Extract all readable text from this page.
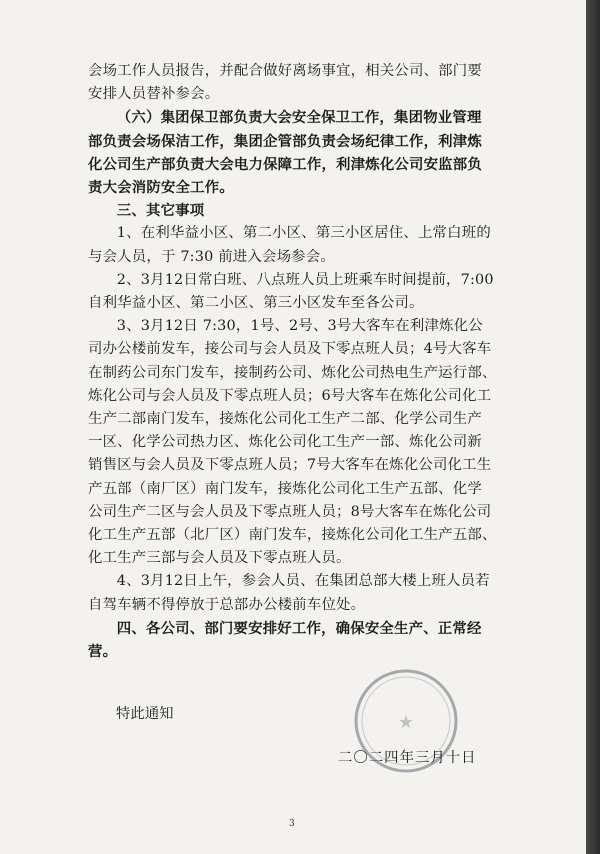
会场工作人员报告，并配合做好离场事宜，相关公司、部门要

安排人员替补参会。

（六）集团保卫部负责大会安全保卫工作，集团物业管理

部负责会场保洁工作，集团企管部负责会场纪律工作，利津炼

化公司生产部负责大会电力保障工作，利津炼化公司安监部负

责大会消防安全工作。

三、其它事项

1、在利华益小区、第二小区、第三小区居住、上常白班的

与会人员，于 7:30 前进入会场参会。

2、3月12日常白班、八点班人员上班乘车时间提前，7:00

自利华益小区、第二小区、第三小区发车至各公司。

3、3月12日 7:30，1号、2号、3号大客车在利津炼化公

司办公楼前发车，接公司与会人员及下零点班人员；4号大客车

在制药公司东门发车，接制药公司、炼化公司热电生产运行部、

炼化公司与会人员及下零点班人员；6号大客车在炼化公司化工

生产二部南门发车，接炼化公司化工生产二部、化学公司生产

一区、化学公司热力区、炼化公司化工生产一部、炼化公司新

销售区与会人员及下零点班人员；7号大客车在炼化公司化工生

产五部（南厂区）南门发车，接炼化公司化工生产五部、化学

公司生产二区与会人员及下零点班人员；8号大客车在炼化公司

化工生产五部（北厂区）南门发车，接炼化公司化工生产五部、

化工生产三部与会人员及下零点班人员。

4、3月12日上午，参会人员、在集团总部大楼上班人员若

自驾车辆不得停放于总部办公楼前车位处。

四、各公司、部门要安排好工作，确保安全生产、正常经

营。

特此通知	★
二〇二四年三月十日
3
